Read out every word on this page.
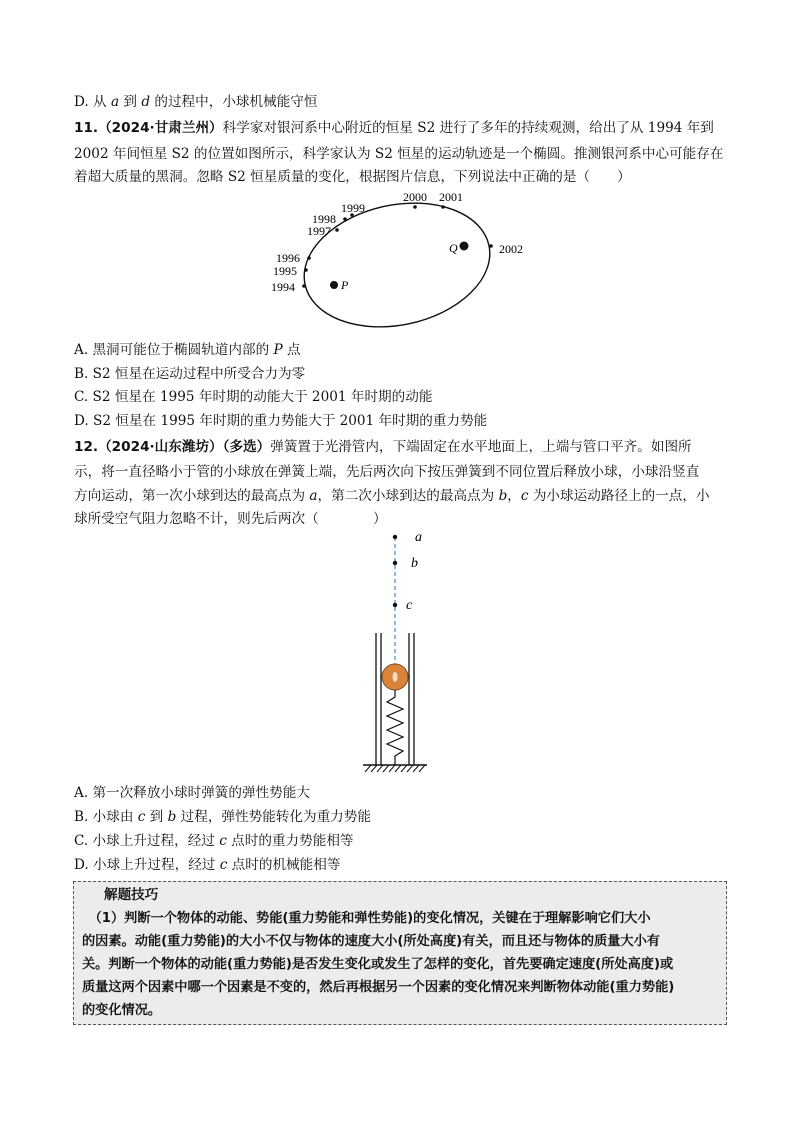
D. 从 a 到 d 的过程中，小球机械能守恒
11.（2024·甘肃兰州）科学家对银河系中心附近的恒星 S2 进行了多年的持续观测，给出了从 1994 年到
2002 年间恒星 S2 的位置如图所示，科学家认为 S2 恒星的运动轨迹是一个椭圆。推测银河系中心可能存在
着超大质量的黑洞。忽略 S2 恒星质量的变化，根据图片信息，下列说法中正确的是（　　）
1994
1995
1996
1997
1998
1999
2000 2001
2002
P
Q
A. 黑洞可能位于椭圆轨道内部的 P 点
B. S2 恒星在运动过程中所受合力为零
C. S2 恒星在 1995 年时期的动能大于 2001 年时期的动能
D. S2 恒星在 1995 年时期的重力势能大于 2001 年时期的重力势能
12.（2024·山东潍坊）（多选）弹簧置于光滑管内，下端固定在水平地面上，上端与管口平齐。如图所
示，将一直径略小于管的小球放在弹簧上端，先后两次向下按压弹簧到不同位置后释放小球，小球沿竖直
方向运动，第一次小球到达的最高点为 a，第二次小球到达的最高点为 b，c 为小球运动路径上的一点，小
球所受空气阻力忽略不计，则先后两次（　　　　）
a
b
c
A. 第一次释放小球时弹簧的弹性势能大
B. 小球由 c 到 b 过程，弹性势能转化为重力势能
C. 小球上升过程，经过 c 点时的重力势能相等
D. 小球上升过程，经过 c 点时的机械能相等
解题技巧
　（1）判断一个物体的动能、势能(重力势能和弹性势能)的变化情况，关键在于理解影响它们大小
的因素。动能(重力势能)的大小不仅与物体的速度大小(所处高度)有关，而且还与物体的质量大小有
关。判断一个物体的动能(重力势能)是否发生变化或发生了怎样的变化，首先要确定速度(所处高度)或
质量这两个因素中哪一个因素是不变的，然后再根据另一个因素的变化情况来判断物体动能(重力势能)
的变化情况。
